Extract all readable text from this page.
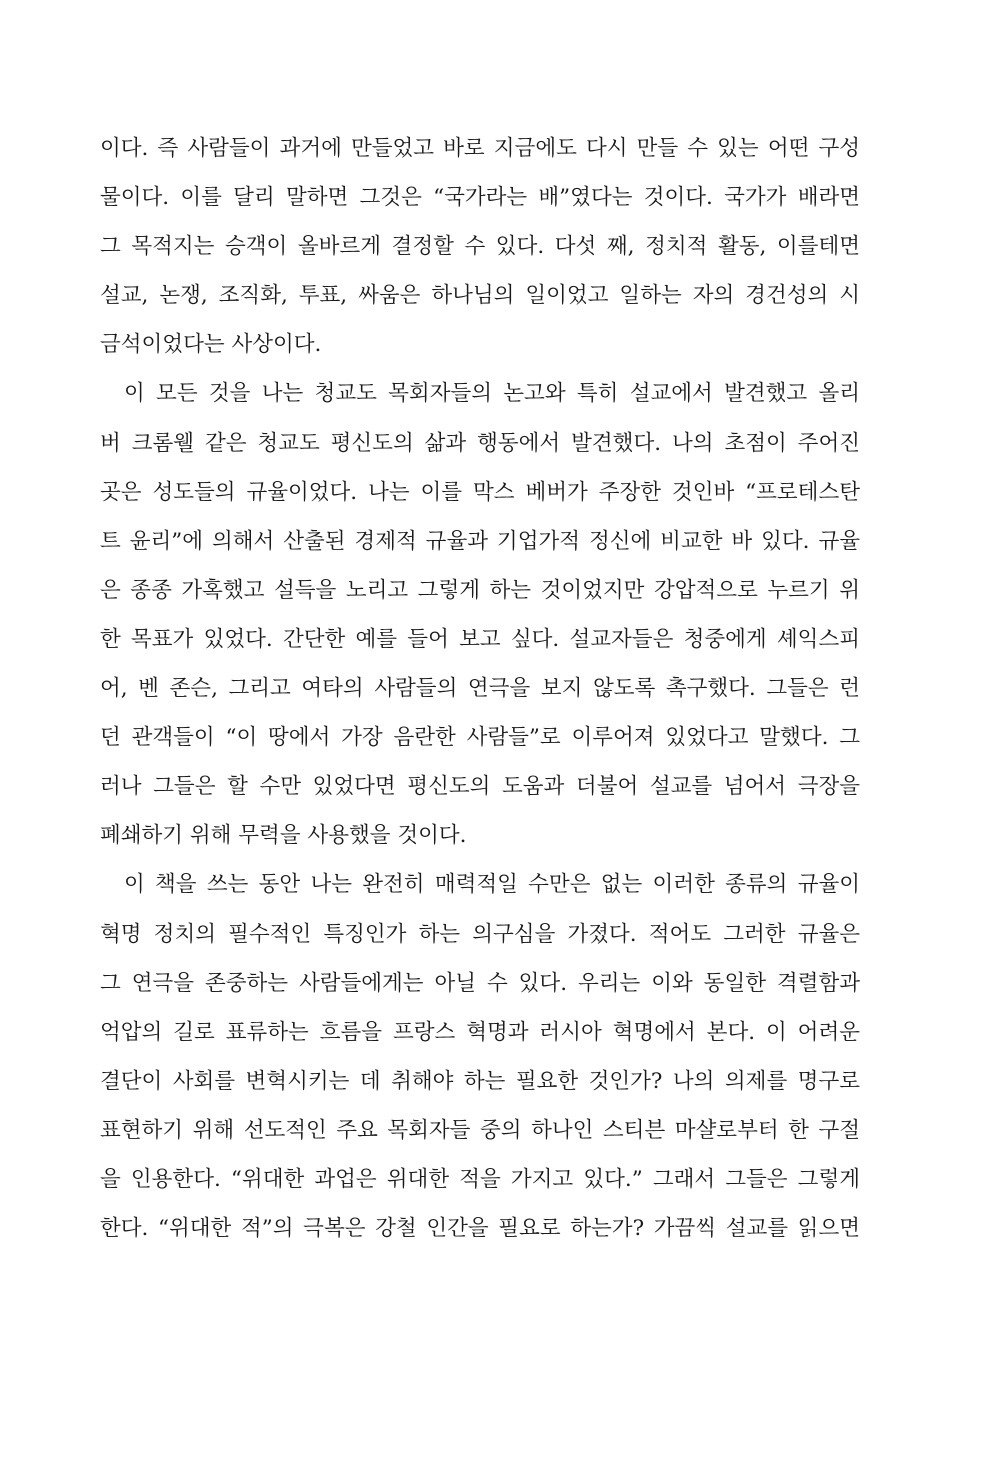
이다. 즉 사람들이 과거에 만들었고 바로 지금에도 다시 만들 수 있는 어떤 구성
물이다. 이를 달리 말하면 그것은 “국가라는 배”였다는 것이다. 국가가 배라면
그 목적지는 승객이 올바르게 결정할 수 있다. 다섯 째, 정치적 활동, 이를테면
설교, 논쟁, 조직화, 투표, 싸움은 하나님의 일이었고 일하는 자의 경건성의 시
금석이었다는 사상이다.
이 모든 것을 나는 청교도 목회자들의 논고와 특히 설교에서 발견했고 올리
버 크롬웰 같은 청교도 평신도의 삶과 행동에서 발견했다. 나의 초점이 주어진
곳은 성도들의 규율이었다. 나는 이를 막스 베버가 주장한 것인바 “프로테스탄
트 윤리”에 의해서 산출된 경제적 규율과 기업가적 정신에 비교한 바 있다. 규율
은 종종 가혹했고 설득을 노리고 그렇게 하는 것이었지만 강압적으로 누르기 위
한 목표가 있었다. 간단한 예를 들어 보고 싶다. 설교자들은 청중에게 셰익스피
어, 벤 존슨, 그리고 여타의 사람들의 연극을 보지 않도록 촉구했다. 그들은 런
던 관객들이 “이 땅에서 가장 음란한 사람들”로 이루어져 있었다고 말했다. 그
러나 그들은 할 수만 있었다면 평신도의 도움과 더불어 설교를 넘어서 극장을
폐쇄하기 위해 무력을 사용했을 것이다.
이 책을 쓰는 동안 나는 완전히 매력적일 수만은 없는 이러한 종류의 규율이
혁명 정치의 필수적인 특징인가 하는 의구심을 가졌다. 적어도 그러한 규율은
그 연극을 존중하는 사람들에게는 아닐 수 있다. 우리는 이와 동일한 격렬함과
억압의 길로 표류하는 흐름을 프랑스 혁명과 러시아 혁명에서 본다. 이 어려운
결단이 사회를 변혁시키는 데 취해야 하는 필요한 것인가? 나의 의제를 명구로
표현하기 위해 선도적인 주요 목회자들 중의 하나인 스티븐 마샬로부터 한 구절
을 인용한다. “위대한 과업은 위대한 적을 가지고 있다.” 그래서 그들은 그렇게
한다. “위대한 적”의 극복은 강철 인간을 필요로 하는가? 가끔씩 설교를 읽으면
